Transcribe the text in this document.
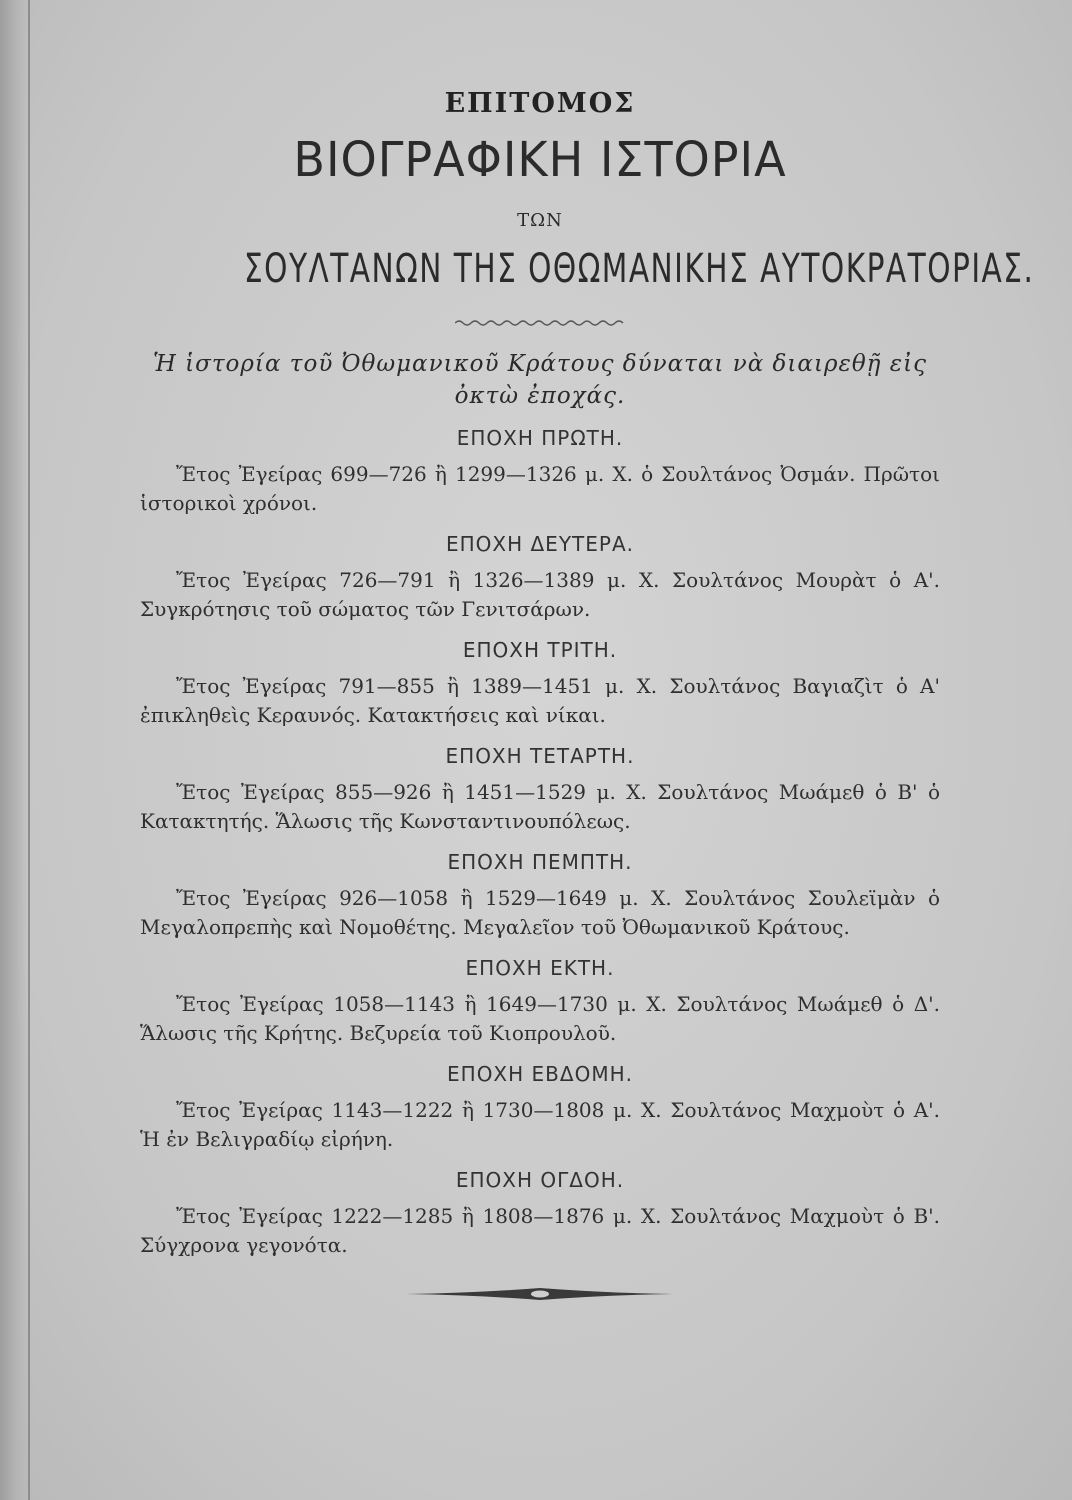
ΕΠΙΤΟΜΟΣ

ΒΙΟΓΡΑΦΙΚΗ ΙΣΤΟΡΙΑ

ΤΩΝ

ΣΟΥΛΤΑΝΩΝ ΤΗΣ ΟΘΩΜΑΝΙΚΗΣ ΑΥΤΟΚΡΑΤΟΡΙΑΣ.

Ἡ ἱστορία τοῦ Ὀθωμανικοῦ Κράτους δύναται νὰ διαιρεθῇ εἰς ὀκτὼ ἐποχάς.

ΕΠΟΧΗ ΠΡΩΤΗ.

Ἔτος Ἐγείρας 699—726 ἢ 1299—1326 μ. Χ. ὁ Σουλτάνος Ὀσμάν. Πρῶτοι ἱστορικοὶ χρόνοι.

ΕΠΟΧΗ ΔΕΥΤΕΡΑ.

Ἔτος Ἐγείρας 726—791 ἢ 1326—1389 μ. Χ. Σουλτάνος Μουρὰτ ὁ Α'. Συγκρότησις τοῦ σώματος τῶν Γενιτσάρων.

ΕΠΟΧΗ ΤΡΙΤΗ.

Ἔτος Ἐγείρας 791—855 ἢ 1389—1451 μ. Χ. Σουλτάνος Βαγιαζὶτ ὁ Α' ἐπικληθεὶς Κεραυνός. Κατακτήσεις καὶ νίκαι.

ΕΠΟΧΗ ΤΕΤΑΡΤΗ.

Ἔτος Ἐγείρας 855—926 ἢ 1451—1529 μ. Χ. Σουλτάνος Μωάμεθ ὁ Β' ὁ Κατακτητής. Ἅλωσις τῆς Κωνσταντινουπόλεως.

ΕΠΟΧΗ ΠΕΜΠΤΗ.

Ἔτος Ἐγείρας 926—1058 ἢ 1529—1649 μ. Χ. Σουλτάνος Σουλεϊμὰν ὁ Μεγαλοπρεπὴς καὶ Νομοθέτης. Μεγαλεῖον τοῦ Ὀθωμανικοῦ Κράτους.

ΕΠΟΧΗ ΕΚΤΗ.

Ἔτος Ἐγείρας 1058—1143 ἢ 1649—1730 μ. Χ. Σουλτάνος Μωάμεθ ὁ Δ'. Ἅλωσις τῆς Κρήτης. Βεζυρεία τοῦ Κιοπρουλοῦ.

ΕΠΟΧΗ ΕΒΔΟΜΗ.

Ἔτος Ἐγείρας 1143—1222 ἢ 1730—1808 μ. Χ. Σουλτάνος Μαχμοὺτ ὁ Α'. Ἡ ἐν Βελιγραδίῳ εἰρήνη.

ΕΠΟΧΗ ΟΓΔΟΗ.

Ἔτος Ἐγείρας 1222—1285 ἢ 1808—1876 μ. Χ. Σουλτάνος Μαχμοὺτ ὁ Β'. Σύγχρονα γεγονότα.
